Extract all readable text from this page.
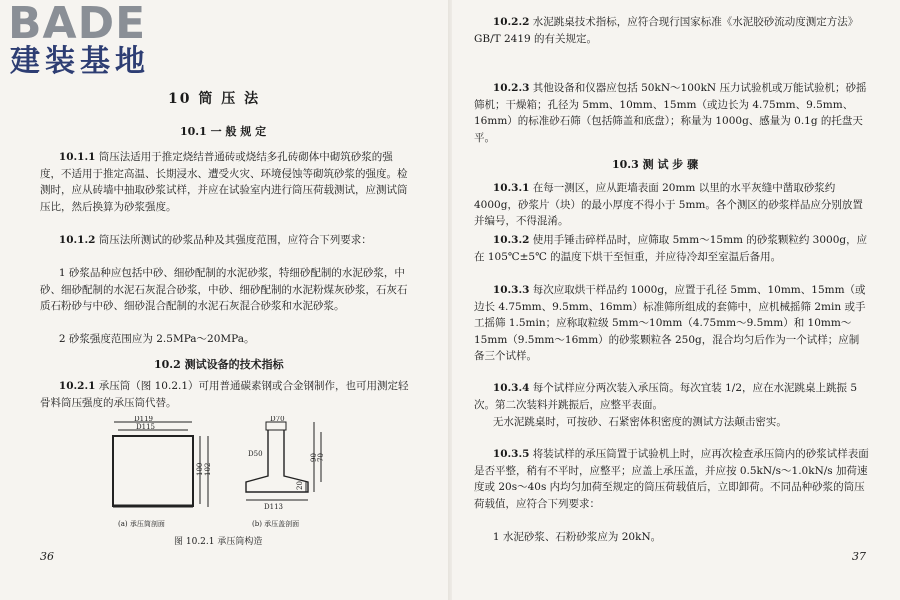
BADE
建装基地
10 筒 压 法
10.1 一 般 规 定
10.1.1 筒压法适用于推定烧结普通砖或烧结多孔砖砌体中砌筑砂浆的强度，不适用于推定高温、长期浸水、遭受火灾、环境侵蚀等砌筑砂浆的强度。检测时，应从砖墙中抽取砂浆试样，并应在试验室内进行筒压荷载测试，应测试筒压比，然后换算为砂浆强度。
10.1.2 筒压法所测试的砂浆品种及其强度范围，应符合下列要求：
1 砂浆品种应包括中砂、细砂配制的水泥砂浆，特细砂配制的水泥砂浆，中砂、细砂配制的水泥石灰混合砂浆，中砂、细砂配制的水泥粉煤灰砂浆，石灰石质石粉砂与中砂、细砂混合配制的水泥石灰混合砂浆和水泥砂浆。
2 砂浆强度范围应为 2.5MPa～20MPa。
10.2 测试设备的技术指标
10.2.1 承压筒（图 10.2.1）可用普通碳素钢或合金钢制作，也可用测定轻骨料筒压强度的承压筒代替。
D119
D115
100 102
D70
D50
D113
20
70
90
(a) 承压筒剖面	(b) 承压盖剖面
图 10.2.1 承压筒构造
36
10.2.2 水泥跳桌技术指标，应符合现行国家标准《水泥胶砂流动度测定方法》GB/T 2419 的有关规定。
10.2.3 其他设备和仪器应包括 50kN～100kN 压力试验机或万能试验机；砂摇筛机；干燥箱；孔径为 5mm、10mm、15mm（或边长为 4.75mm、9.5mm、16mm）的标准砂石筛（包括筛盖和底盘）；称量为 1000g、感量为 0.1g 的托盘天平。
10.3 测 试 步 骤
10.3.1 在每一测区，应从距墙表面 20mm 以里的水平灰缝中凿取砂浆约 4000g，砂浆片（块）的最小厚度不得小于 5mm。各个测区的砂浆样品应分别放置并编号，不得混淆。
10.3.2 使用手锤击碎样品时，应筛取 5mm～15mm 的砂浆颗粒约 3000g，应在 105℃±5℃ 的温度下烘干至恒重，并应待冷却至室温后备用。
10.3.3 每次应取烘干样品约 1000g，应置于孔径 5mm、10mm、15mm（或边长 4.75mm、9.5mm、16mm）标准筛所组成的套筛中，应机械摇筛 2min 或手工摇筛 1.5min；应称取粒级 5mm～10mm（4.75mm～9.5mm）和 10mm～15mm（9.5mm～16mm）的砂浆颗粒各 250g，混合均匀后作为一个试样；应制备三个试样。
10.3.4 每个试样应分两次装入承压筒。每次宜装 1/2，应在水泥跳桌上跳振 5 次。第二次装料并跳振后，应整平表面。
无水泥跳桌时，可按砂、石紧密体积密度的测试方法颠击密实。
10.3.5 将装试样的承压筒置于试验机上时，应再次检查承压筒内的砂浆试样表面是否平整，稍有不平时，应整平；应盖上承压盖，并应按 0.5kN/s～1.0kN/s 加荷速度或 20s～40s 内均匀加荷至规定的筒压荷载值后，立即卸荷。不同品种砂浆的筒压荷载值，应符合下列要求：
1 水泥砂浆、石粉砂浆应为 20kN。
37
